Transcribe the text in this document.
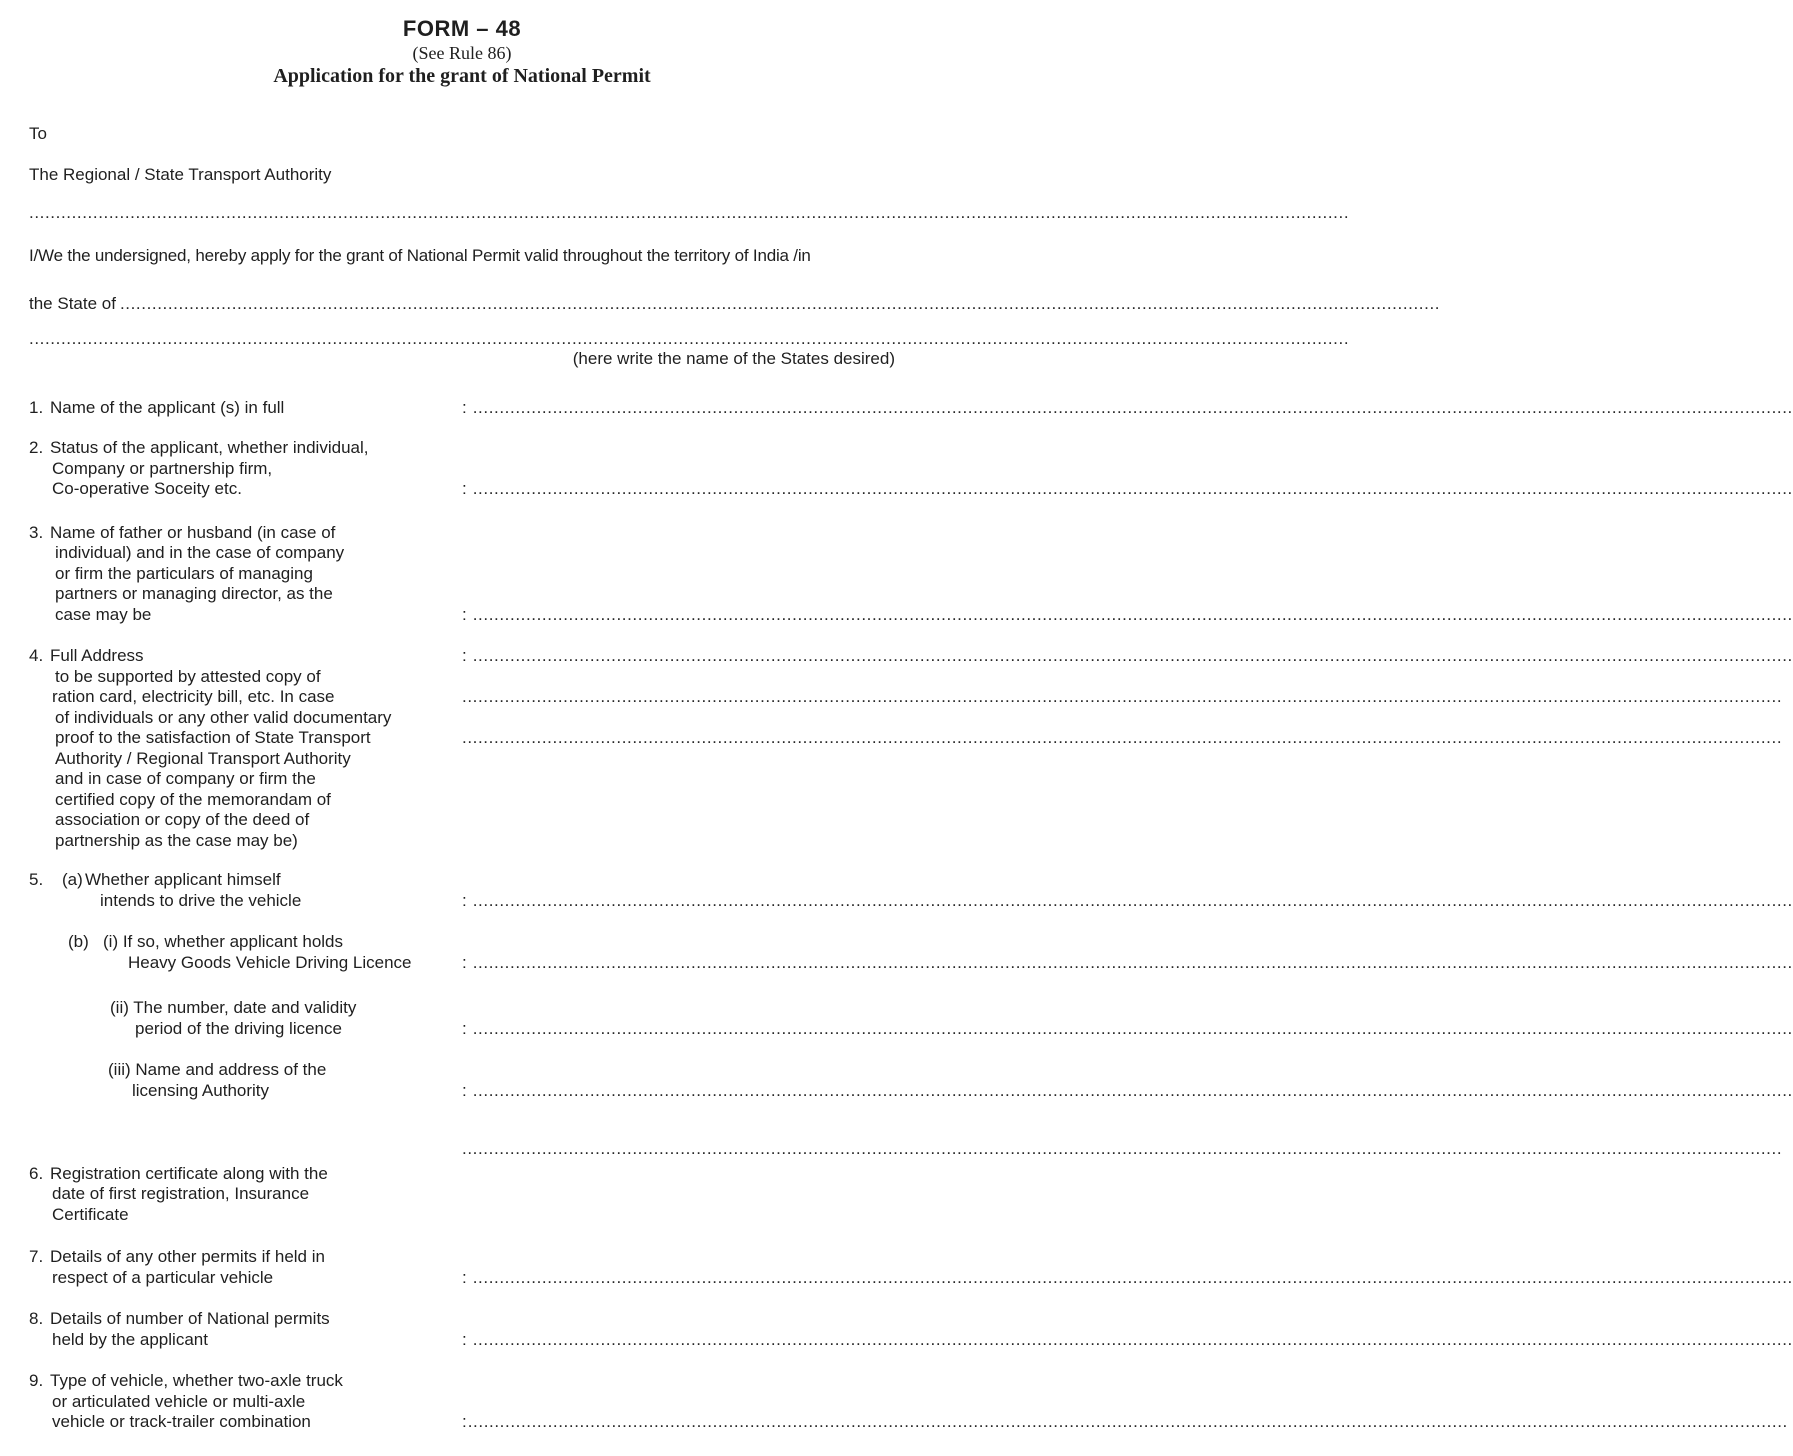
FORM – 48
(See Rule 86)
Application for the grant of National Permit
To
The Regional / State Transport Authority
........................................................................................................................................................................................................................................................
I/We the undersigned, hereby apply for the grant of National Permit valid throughout the territory of India /in
the State of ........................................................................................................................................................................................................................................................
........................................................................................................................................................................................................................................................
(here write the name of the States desired)
1. Name of the applicant (s) in full	: ........................................................................................................................................................................................................................................................
2. Status of the applicant, whether individual,
Company or partnership firm,
Co-operative Soceity etc.	: ........................................................................................................................................................................................................................................................
3. Name of father or husband (in case of
individual) and in the case of company
or firm the particulars of managing
partners or managing director, as the
case may be	: ........................................................................................................................................................................................................................................................
4. Full Address	: ........................................................................................................................................................................................................................................................
to be supported by attested copy of
ration card, electricity bill, etc. In case	........................................................................................................................................................................................................................................................
of individuals or any other valid documentary
proof to the satisfaction of State Transport	........................................................................................................................................................................................................................................................
Authority / Regional Transport Authority
and in case of company or firm the
certified copy of the memorandam of
association or copy of the deed of
partnership as the case may be)
5. (a) Whether applicant himself
intends to drive the vehicle	: ........................................................................................................................................................................................................................................................
(b) (i) If so, whether applicant holds
Heavy Goods Vehicle Driving Licence	: ........................................................................................................................................................................................................................................................
(ii) The number, date and validity
period of the driving licence	: ........................................................................................................................................................................................................................................................
(iii) Name and address of the
licensing Authority	: ........................................................................................................................................................................................................................................................
........................................................................................................................................................................................................................................................
6. Registration certificate along with the
date of first registration, Insurance
Certificate
7. Details of any other permits if held in
respect of a particular vehicle	: ........................................................................................................................................................................................................................................................
8. Details of number of National permits
held by the applicant	: ........................................................................................................................................................................................................................................................
9. Type of vehicle, whether two-axle truck
or articulated vehicle or multi-axle
vehicle or track-trailer combination	: ........................................................................................................................................................................................................................................................
